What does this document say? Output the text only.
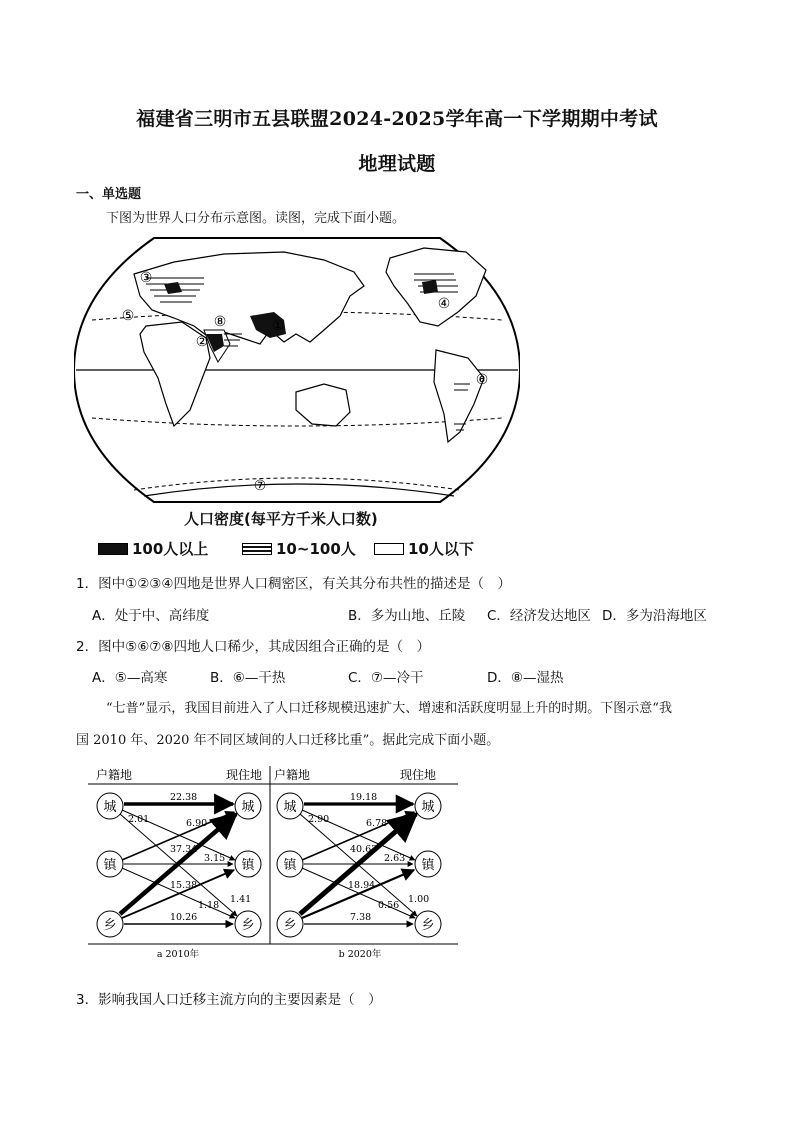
福建省三明市五县联盟2024-2025学年高一下学期期中考试
地理试题
一、单选题
下图为世界人口分布示意图。读图，完成下面小题。
①
②
③
④
⑤
⑥
⑦
⑧
人口密度(每平方千米人口数)
100人以上	10~100人	10人以下
1．图中①②③④四地是世界人口稠密区，有关其分布共性的描述是（　）
A．处于中、高纬度	B．多为山地、丘陵 C．经济发达地区 D．多为沿海地区
2．图中⑤⑥⑦⑧四地人口稀少，其成因组合正确的是（　）
A．⑤—高寒	B．⑥—干热	C．⑦—冷干	D．⑧—湿热
“七普”显示，我国目前进入了人口迁移规模迅速扩大、增速和活跃度明显上升的时期。下图示意“我
国 2010 年、2020 年不同区域间的人口迁移比重”。据此完成下面小题。
户籍地	现住地 户籍地	现住地
城
镇
乡
城
镇
乡
城
镇
乡
城
镇
乡
22.38
2.01	6.90
37.34
3.15
1.41
15.38
1.18
10.26
19.18
2.90	6.78
40.63
2.63
1.00
18.94
0.56
7.38
a 2010年	b 2020年
3．影响我国人口迁移主流方向的主要因素是（　）
